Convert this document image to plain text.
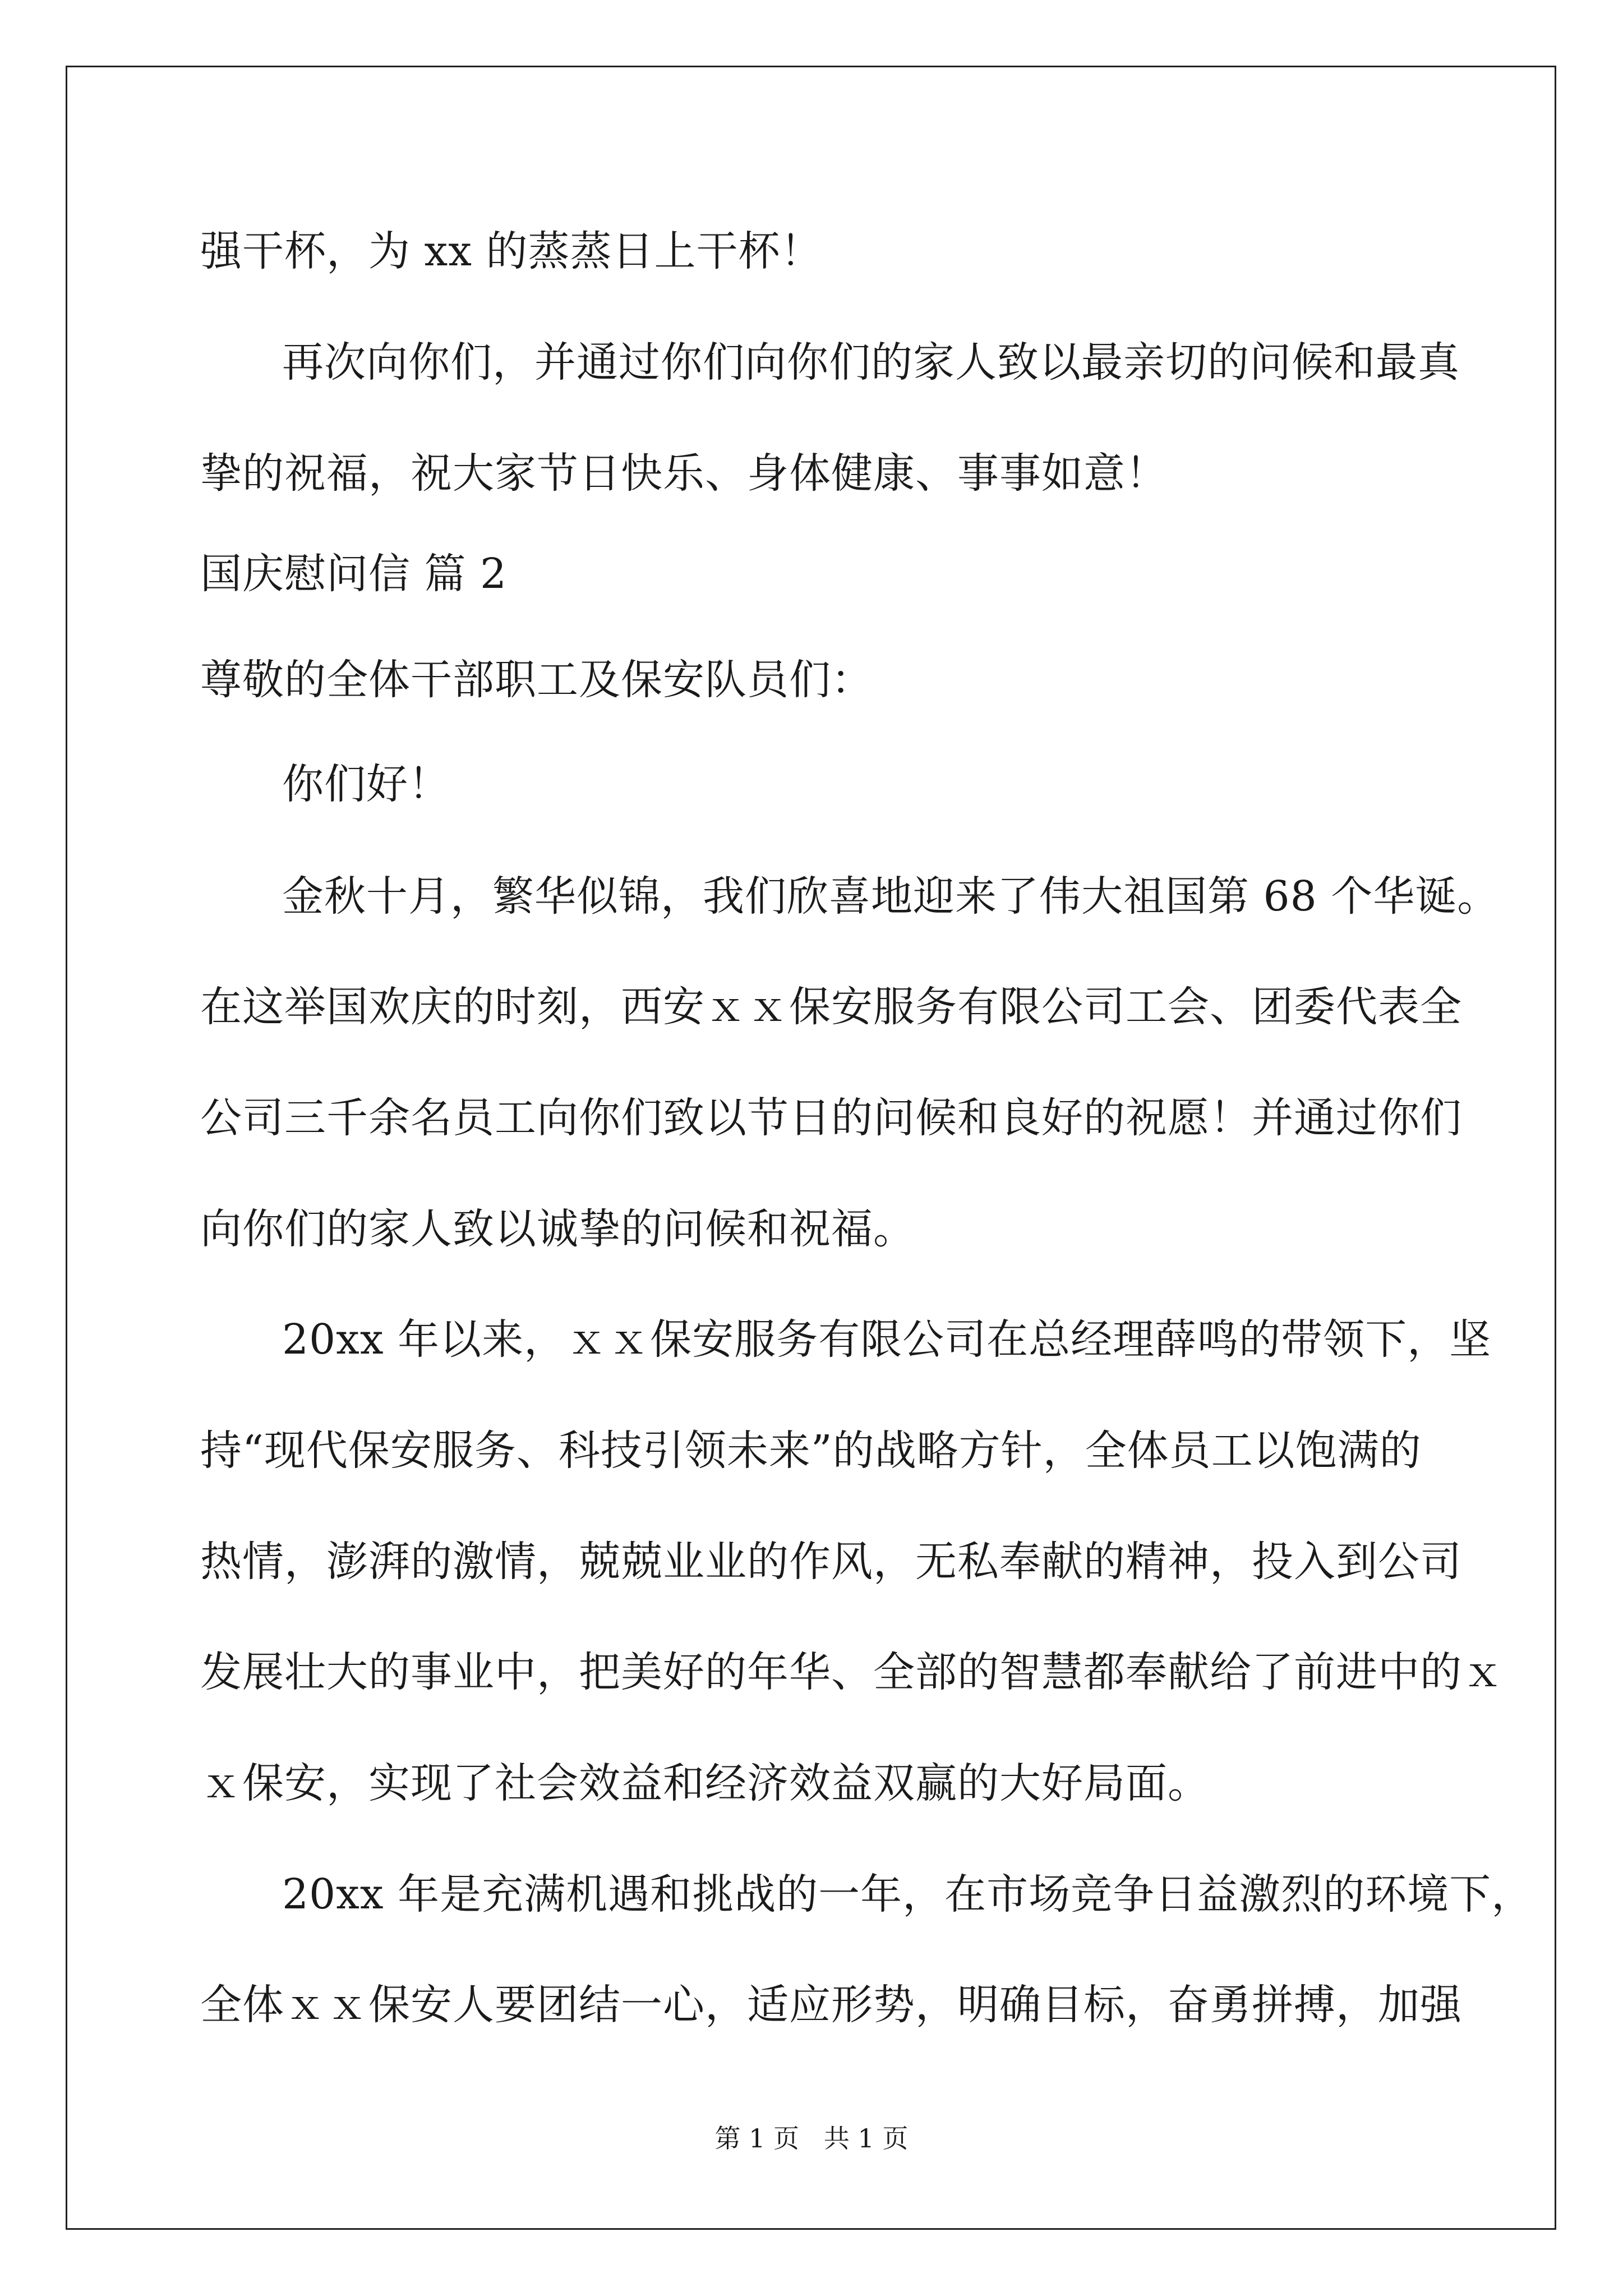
强干杯，为 xx 的蒸蒸日上干杯！
再次向你们，并通过你们向你们的家人致以最亲切的问候和最真
挚的祝福，祝大家节日快乐、身体健康、事事如意！
国庆慰问信 篇 2
尊敬的全体干部职工及保安队员们：
你们好！
金秋十月，繁华似锦，我们欣喜地迎来了伟大祖国第 68 个华诞。
在这举国欢庆的时刻，西安ｘｘ保安服务有限公司工会、团委代表全
公司三千余名员工向你们致以节日的问候和良好的祝愿！并通过你们
向你们的家人致以诚挚的问候和祝福。
20xx 年以来，ｘｘ保安服务有限公司在总经理薛鸣的带领下，坚
持“现代保安服务、科技引领未来”的战略方针，全体员工以饱满的
热情，澎湃的激情，兢兢业业的作风，无私奉献的精神，投入到公司
发展壮大的事业中，把美好的年华、全部的智慧都奉献给了前进中的ｘ
ｘ保安，实现了社会效益和经济效益双赢的大好局面。
20xx 年是充满机遇和挑战的一年，在市场竞争日益激烈的环境下，
全体ｘｘ保安人要团结一心，适应形势，明确目标，奋勇拼搏，加强
第 1 页   共 1 页
